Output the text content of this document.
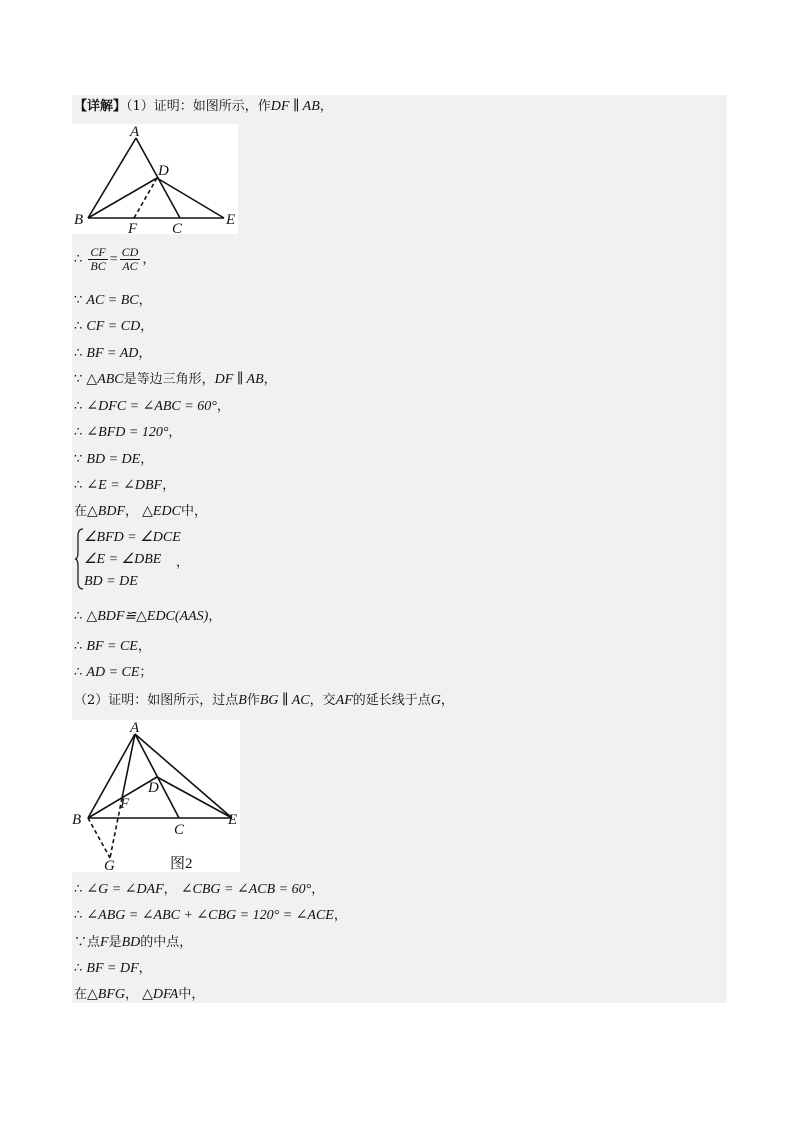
【详解】（1）证明：如图所示，作DF ∥ AB，
A
B
C
D
E
F
∴ $\frac{CF}{BC} = \frac{CD}{AC}$ ，
∵ AC = BC，
∴ CF = CD，
∴ BF = AD，
∵ △ABC是等边三角形，DF ∥ AB，
∴ ∠DFC = ∠ABC = 60°，
∴ ∠BFD = 120°，
∵ BD = DE，
∴ ∠E = ∠DBF，
在△BDF， △EDC中，
∠BFD = ∠DCE
∠E = ∠DBE
BD = DE
，
∴ △BDF≌△EDC(AAS)，
∴ BF = CE，
∴ AD = CE；
（2）证明：如图所示，过点B作BG ∥ AC，交AF的延长线于点G，
A
B
C
D
E
F
G	图2
∴ ∠G = ∠DAF， ∠CBG = ∠ACB = 60°，
∴ ∠ABG = ∠ABC + ∠CBG = 120° = ∠ACE，
∵点F是BD的中点，
∴ BF = DF，
在△BFG， △DFA中，
